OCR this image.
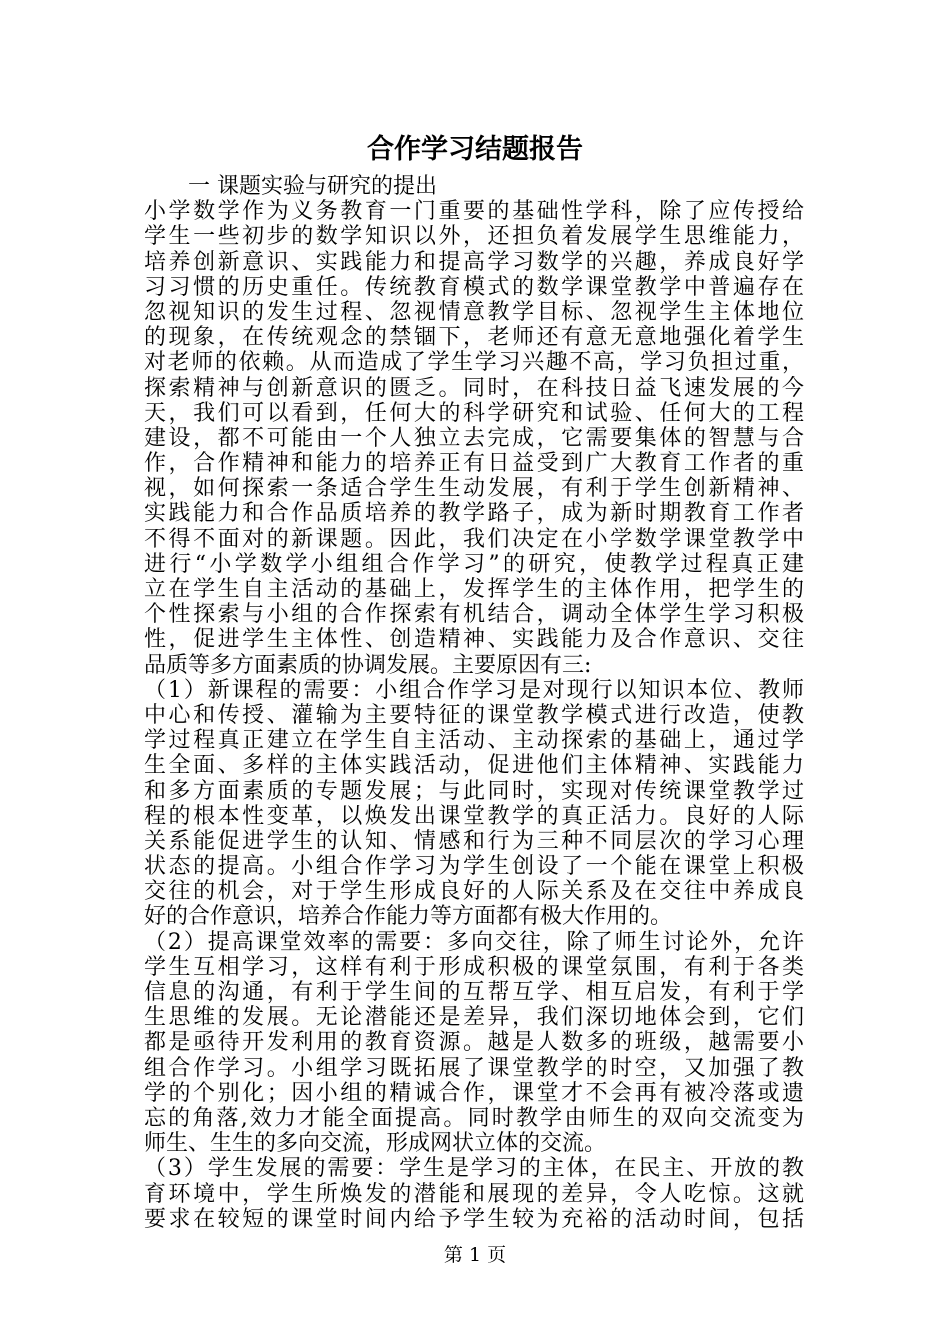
合作学习结题报告
一 课题实验与研究的提出
小学数学作为义务教育一门重要的基础性学科，除了应传授给
学生一些初步的数学知识以外，还担负着发展学生思维能力，
培养创新意识、实践能力和提高学习数学的兴趣，养成良好学
习习惯的历史重任。传统教育模式的数学课堂教学中普遍存在
忽视知识的发生过程、忽视情意教学目标、忽视学生主体地位
的现象，在传统观念的禁锢下，老师还有意无意地强化着学生
对老师的依赖。从而造成了学生学习兴趣不高，学习负担过重，
探索精神与创新意识的匮乏。同时，在科技日益飞速发展的今
天，我们可以看到，任何大的科学研究和试验、任何大的工程
建设，都不可能由一个人独立去完成，它需要集体的智慧与合
作，合作精神和能力的培养正有日益受到广大教育工作者的重
视，如何探索一条适合学生生动发展，有利于学生创新精神、
实践能力和合作品质培养的教学路子，成为新时期教育工作者
不得不面对的新课题。因此，我们决定在小学数学课堂教学中
进行“小学数学小组组合作学习”的研究，使教学过程真正建
立在学生自主活动的基础上，发挥学生的主体作用，把学生的
个性探索与小组的合作探索有机结合，调动全体学生学习积极
性，促进学生主体性、创造精神、实践能力及合作意识、交往
品质等多方面素质的协调发展。主要原因有三:
（1）新课程的需要：小组合作学习是对现行以知识本位、教师
中心和传授、灌输为主要特征的课堂教学模式进行改造，使教
学过程真正建立在学生自主活动、主动探索的基础上，通过学
生全面、多样的主体实践活动，促进他们主体精神、实践能力
和多方面素质的专题发展；与此同时，实现对传统课堂教学过
程的根本性变革，以焕发出课堂教学的真正活力。良好的人际
关系能促进学生的认知、情感和行为三种不同层次的学习心理
状态的提高。小组合作学习为学生创设了一个能在课堂上积极
交往的机会，对于学生形成良好的人际关系及在交往中养成良
好的合作意识，培养合作能力等方面都有极大作用的。
（2）提高课堂效率的需要：多向交往，除了师生讨论外，允许
学生互相学习，这样有利于形成积极的课堂氛围，有利于各类
信息的沟通，有利于学生间的互帮互学、相互启发，有利于学
生思维的发展。无论潜能还是差异，我们深切地体会到，它们
都是亟待开发利用的教育资源。越是人数多的班级，越需要小
组合作学习。小组学习既拓展了课堂教学的时空，又加强了教
学的个别化；因小组的精诚合作，课堂才不会再有被冷落或遗
忘的角落,效力才能全面提高。同时教学由师生的双向交流变为
师生、生生的多向交流，形成网状立体的交流。
（3）学生发展的需要：学生是学习的主体，在民主、开放的教
育环境中，学生所焕发的潜能和展现的差异，令人吃惊。这就
要求在较短的课堂时间内给予学生较为充裕的活动时间，包括
第 1 页
